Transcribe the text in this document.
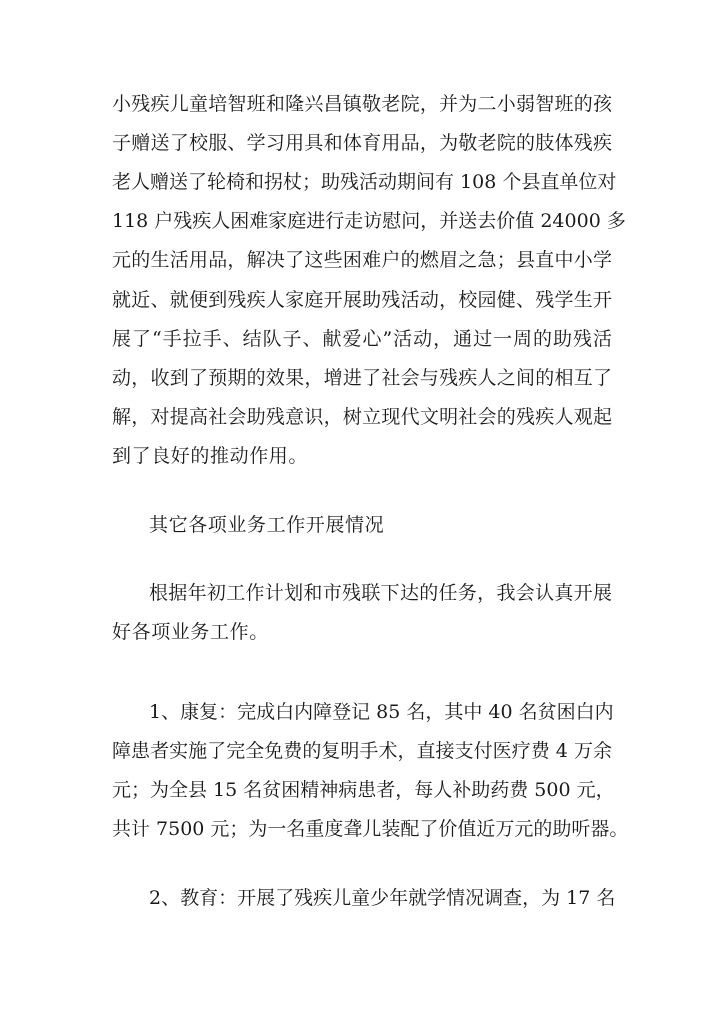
小残疾儿童培智班和隆兴昌镇敬老院，并为二小弱智班的孩
子赠送了校服、学习用具和体育用品，为敬老院的肢体残疾
老人赠送了轮椅和拐杖；助残活动期间有 108 个县直单位对
118 户残疾人困难家庭进行走访慰问，并送去价值 24000 多
元的生活用品，解决了这些困难户的燃眉之急；县直中小学
就近、就便到残疾人家庭开展助残活动，校园健、残学生开
展了“手拉手、结队子、献爱心”活动，通过一周的助残活
动，收到了预期的效果，增进了社会与残疾人之间的相互了
解，对提高社会助残意识，树立现代文明社会的残疾人观起
到了良好的推动作用。
其它各项业务工作开展情况
根据年初工作计划和市残联下达的任务，我会认真开展
好各项业务工作。
1、康复：完成白内障登记 85 名，其中 40 名贫困白内
障患者实施了完全免费的复明手术，直接支付医疗费 4 万余
元；为全县 15 名贫困精神病患者，每人补助药费 500 元，
共计 7500 元；为一名重度聋儿装配了价值近万元的助听器。
2、教育：开展了残疾儿童少年就学情况调查，为 17 名
